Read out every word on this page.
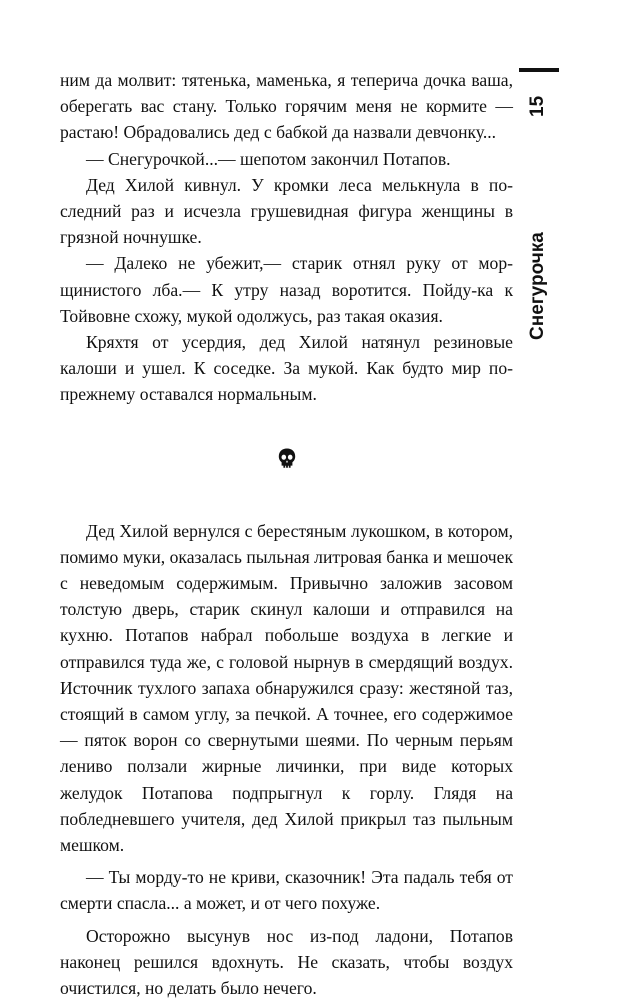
ним да молвит: тятенька, маменька, я теперича дочка ваша, оберегать вас стану. Только горячим меня не кормите — растаю! Обрадовались дед с бабкой да назвали девчонку...

— Снегурочкой...— шепотом закончил Потапов.

Дед Хилой кивнул. У кромки леса мелькнула в последний раз и исчезла грушевидная фигура женщины в грязной ночнушке.

— Далеко не убежит,— старик отнял руку от морщинистого лба.— К утру назад воротится. Пойду-ка к Тойвовне схожу, мукой одолжусь, раз такая оказия.

Кряхтя от усердия, дед Хилой натянул резиновые калоши и ушел. К соседке. За мукой. Как будто мир по-прежнему оставался нормальным.

Дед Хилой вернулся с берестяным лукошком, в котором, помимо муки, оказалась пыльная литровая банка и мешочек с неведомым содержимым. Привычно заложив засовом толстую дверь, старик скинул калоши и отправился на кухню. Потапов набрал побольше воздуха в легкие и отправился туда же, с головой нырнув в смердящий воздух. Источник тухлого запаха обнаружился сразу: жестяной таз, стоящий в самом углу, за печкой. А точнее, его содержимое — пяток ворон со свернутыми шеями. По черным перьям лениво ползали жирные личинки, при виде которых желудок Потапова подпрыгнул к горлу. Глядя на побледневшего учителя, дед Хилой прикрыл таз пыльным мешком.

— Ты морду-то не криви, сказочник! Эта падаль тебя от смерти спасла... а может, и от чего похуже.

Осторожно высунув нос из-под ладони, Потапов наконец решился вдохнуть. Не сказать, чтобы воздух очистился, но делать было нечего.

15
Снегурочка
